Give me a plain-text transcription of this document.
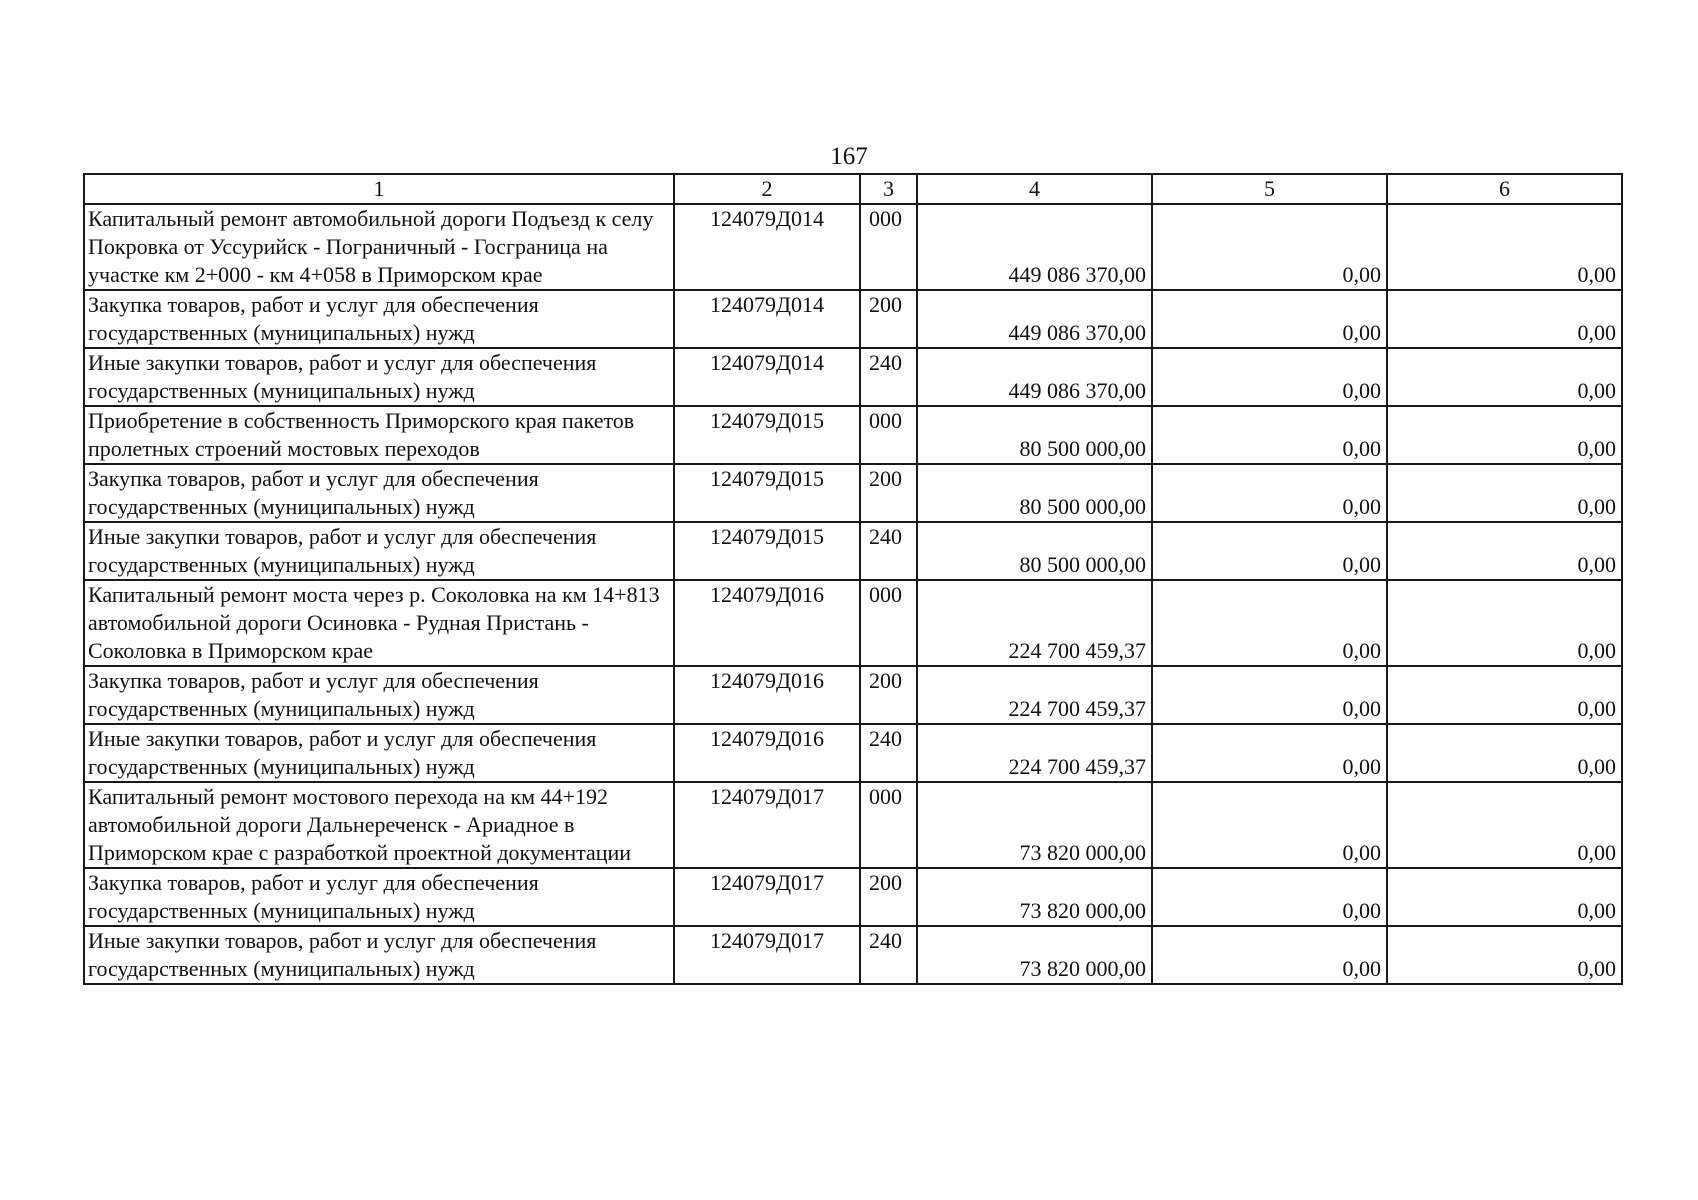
167
1	2	3	4	5	6
Капитальный ремонт автомобильной дороги Подъезд к селу Покровка от Уссурийск - Пограничный - Госграница на участке км 2+000 - км 4+058 в Приморском крае	124079Д014	000	449 086 370,00	0,00	0,00
Закупка товаров, работ и услуг для обеспечения государственных (муниципальных) нужд	124079Д014	200	449 086 370,00	0,00	0,00
Иные закупки товаров, работ и услуг для обеспечения государственных (муниципальных) нужд	124079Д014	240	449 086 370,00	0,00	0,00
Приобретение в собственность Приморского края пакетов пролетных строений мостовых переходов	124079Д015	000	80 500 000,00	0,00	0,00
Закупка товаров, работ и услуг для обеспечения государственных (муниципальных) нужд	124079Д015	200	80 500 000,00	0,00	0,00
Иные закупки товаров, работ и услуг для обеспечения государственных (муниципальных) нужд	124079Д015	240	80 500 000,00	0,00	0,00
Капитальный ремонт моста через р. Соколовка на км 14+813 автомобильной дороги Осиновка - Рудная Пристань - Соколовка в Приморском крае	124079Д016	000	224 700 459,37	0,00	0,00
Закупка товаров, работ и услуг для обеспечения государственных (муниципальных) нужд	124079Д016	200	224 700 459,37	0,00	0,00
Иные закупки товаров, работ и услуг для обеспечения государственных (муниципальных) нужд	124079Д016	240	224 700 459,37	0,00	0,00
Капитальный ремонт мостового перехода на км 44+192 автомобильной дороги Дальнереченск - Ариадное в Приморском крае с разработкой проектной документации	124079Д017	000	73 820 000,00	0,00	0,00
Закупка товаров, работ и услуг для обеспечения государственных (муниципальных) нужд	124079Д017	200	73 820 000,00	0,00	0,00
Иные закупки товаров, работ и услуг для обеспечения государственных (муниципальных) нужд	124079Д017	240	73 820 000,00	0,00	0,00
